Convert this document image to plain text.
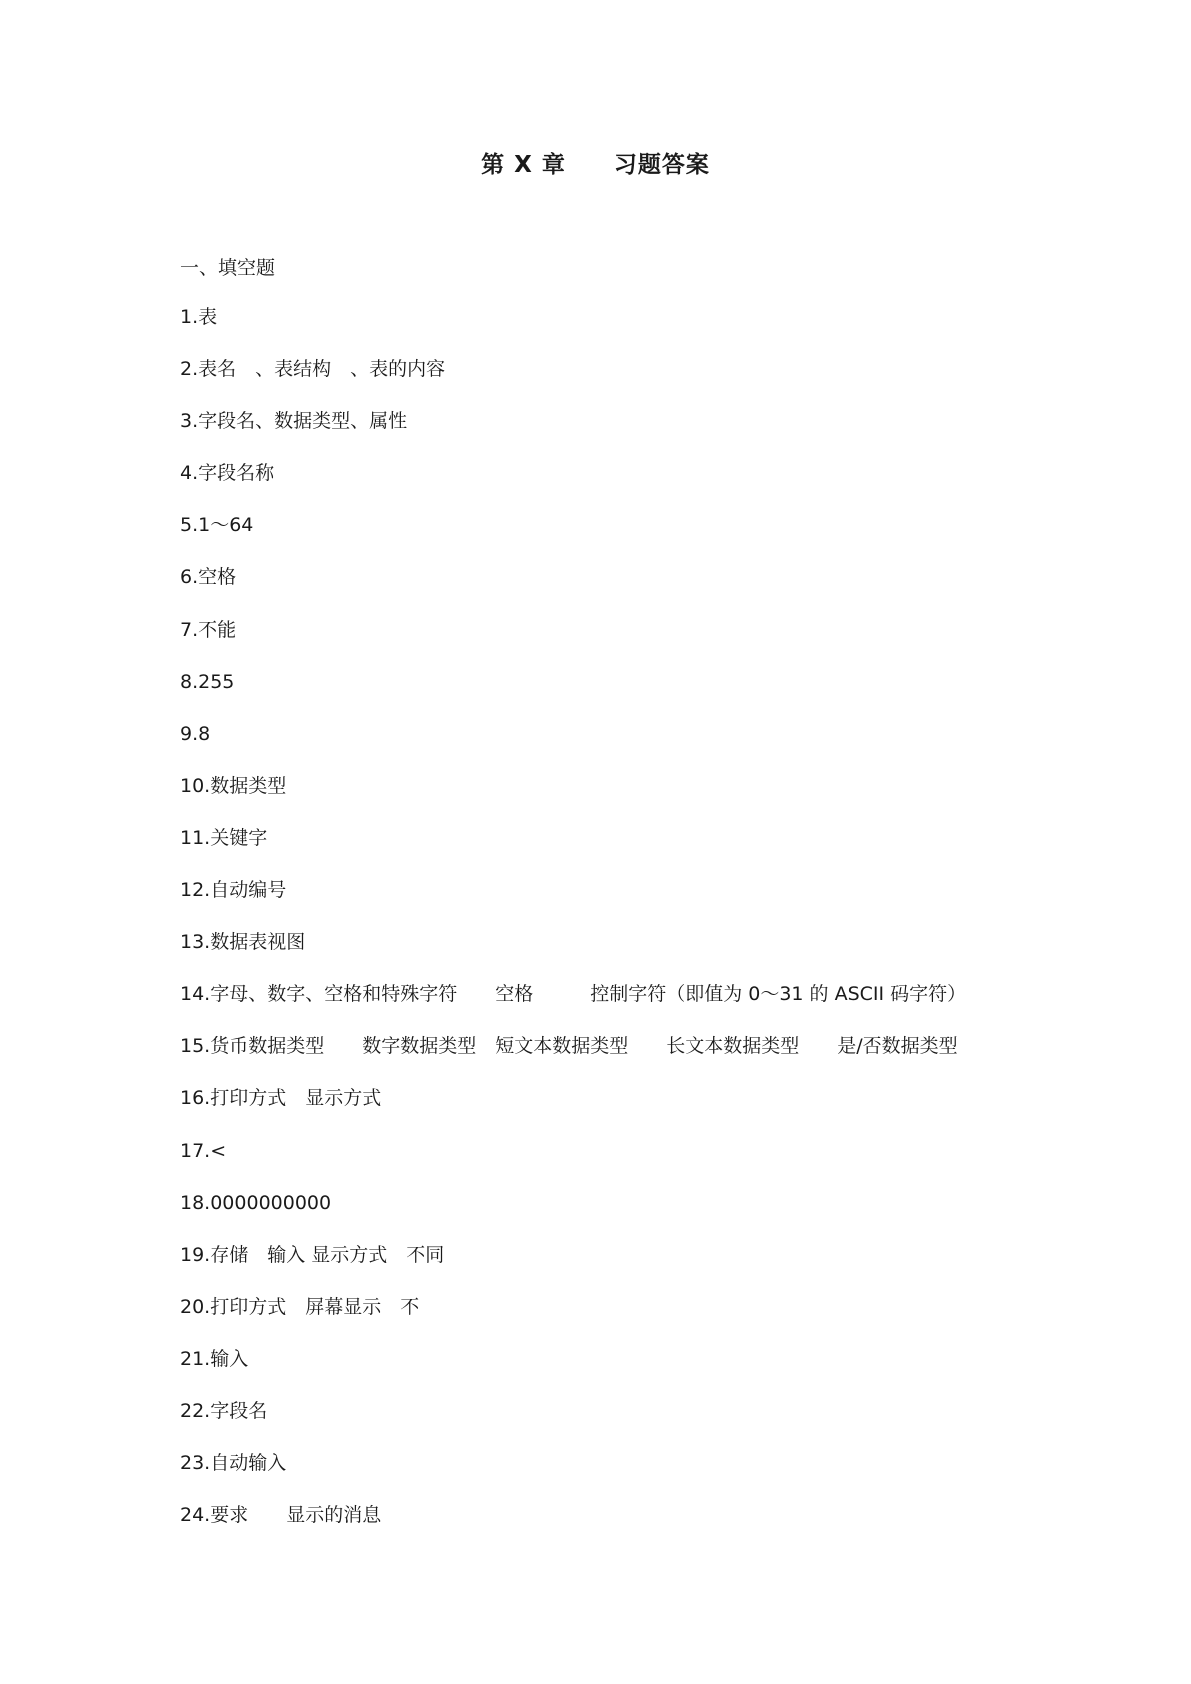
第 X 章　　习题答案
一、填空题
1.表
2.表名　、表结构　、表的内容
3.字段名、数据类型、属性
4.字段名称
5.1～64
6.空格
7.不能
8.255
9.8
10.数据类型
11.关键字
12.自动编号
13.数据表视图
14.字母、数字、空格和特殊字符　　空格　　　控制字符（即值为 0～31 的 ASCII 码字符）
15.货币数据类型　　数字数据类型　短文本数据类型　　长文本数据类型　　是/否数据类型
16.打印方式　显示方式
17.<
18.0000000000
19.存储　输入 显示方式　不同
20.打印方式　屏幕显示　不
21.输入
22.字段名
23.自动输入
24.要求　　显示的消息
